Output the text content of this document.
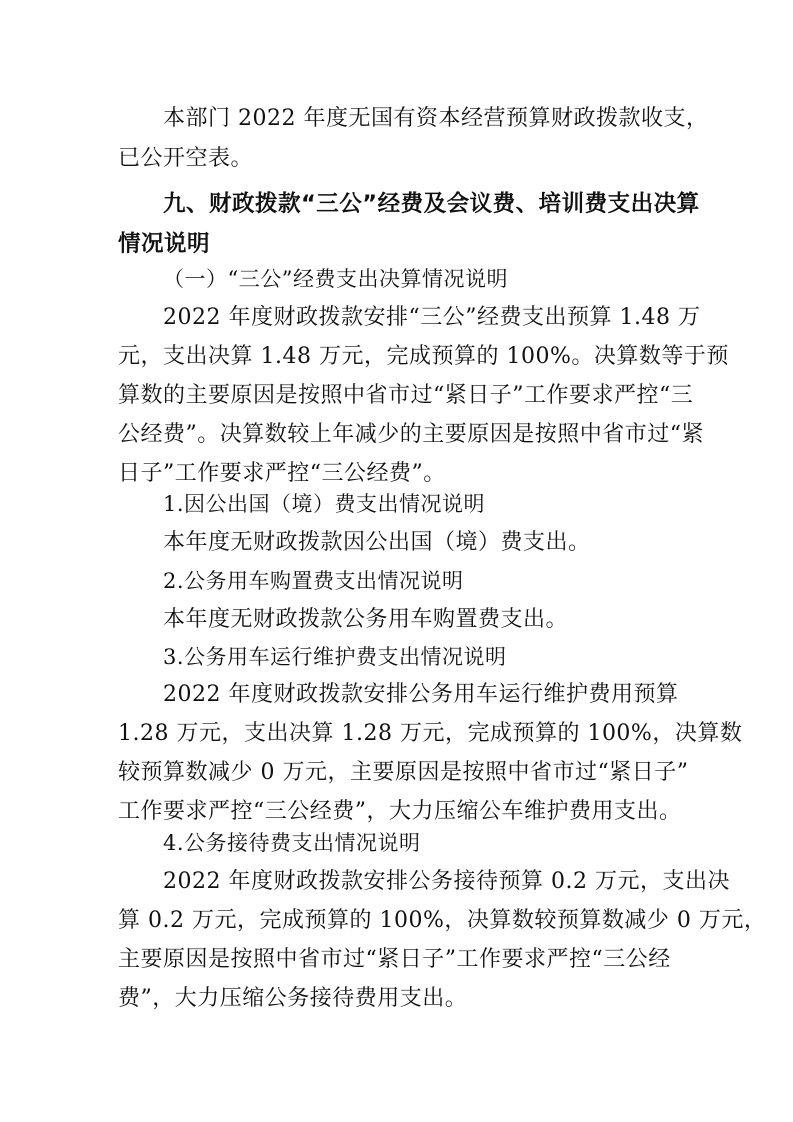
本部门 2022 年度无国有资本经营预算财政拨款收支，
已公开空表。
九、财政拨款“三公”经费及会议费、培训费支出决算
情况说明
（一）“三公”经费支出决算情况说明
2022 年度财政拨款安排“三公”经费支出预算 1.48 万
元，支出决算 1.48 万元，完成预算的 100%。决算数等于预
算数的主要原因是按照中省市过“紧日子”工作要求严控“三
公经费”。决算数较上年减少的主要原因是按照中省市过“紧
日子”工作要求严控“三公经费”。
1.因公出国（境）费支出情况说明
本年度无财政拨款因公出国（境）费支出。
2.公务用车购置费支出情况说明
本年度无财政拨款公务用车购置费支出。
3.公务用车运行维护费支出情况说明
2022 年度财政拨款安排公务用车运行维护费用预算
1.28 万元，支出决算 1.28 万元，完成预算的 100%，决算数
较预算数减少 0 万元，主要原因是按照中省市过“紧日子”
工作要求严控“三公经费”，大力压缩公车维护费用支出。
4.公务接待费支出情况说明
2022 年度财政拨款安排公务接待预算 0.2 万元，支出决
算 0.2 万元，完成预算的 100%，决算数较预算数减少 0 万元，
主要原因是按照中省市过“紧日子”工作要求严控“三公经
费”，大力压缩公务接待费用支出。
